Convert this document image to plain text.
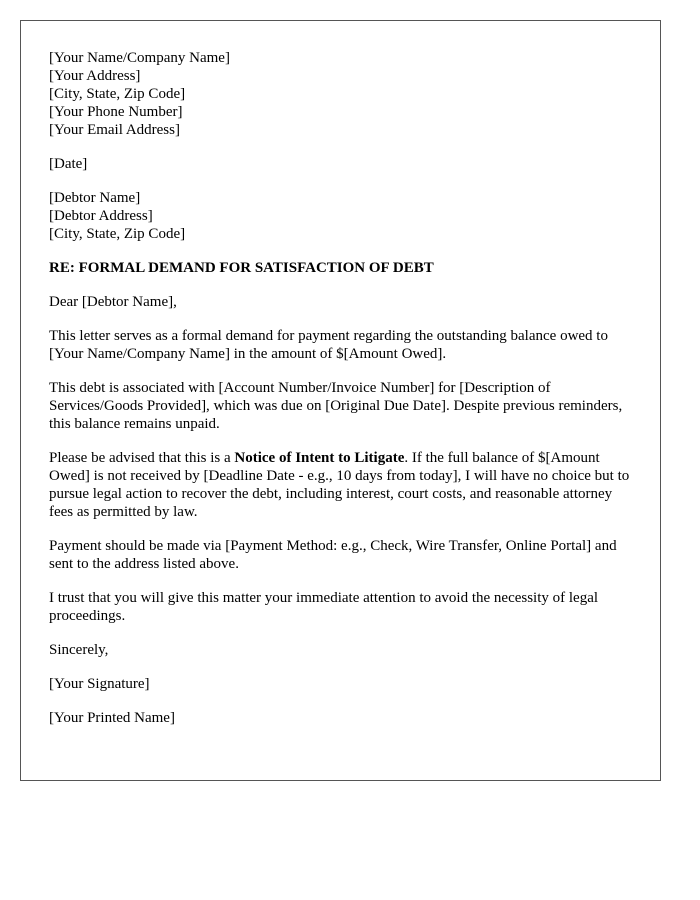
[Your Name/Company Name]
[Your Address]
[City, State, Zip Code]
[Your Phone Number]
[Your Email Address]
[Date]
[Debtor Name]
[Debtor Address]
[City, State, Zip Code]
RE: FORMAL DEMAND FOR SATISFACTION OF DEBT
Dear [Debtor Name],
This letter serves as a formal demand for payment regarding the outstanding balance owed to [Your Name/Company Name] in the amount of $[Amount Owed].
This debt is associated with [Account Number/Invoice Number] for [Description of Services/Goods Provided], which was due on [Original Due Date]. Despite previous reminders, this balance remains unpaid.
Please be advised that this is a Notice of Intent to Litigate. If the full balance of $[Amount Owed] is not received by [Deadline Date - e.g., 10 days from today], I will have no choice but to pursue legal action to recover the debt, including interest, court costs, and reasonable attorney fees as permitted by law.
Payment should be made via [Payment Method: e.g., Check, Wire Transfer, Online Portal] and sent to the address listed above.
I trust that you will give this matter your immediate attention to avoid the necessity of legal proceedings.
Sincerely,
[Your Signature]
[Your Printed Name]
